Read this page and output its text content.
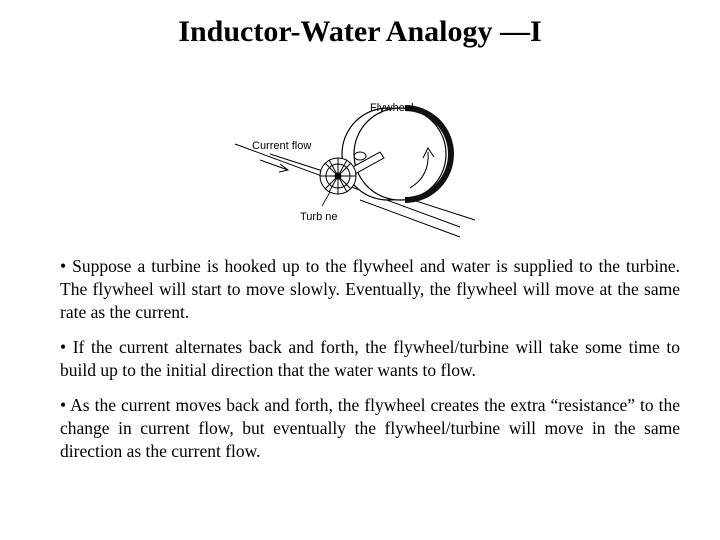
Inductor-Water Analogy —I
Flywheel
Current flow
Turb ne
• Suppose a turbine is hooked up to the flywheel and water is supplied to the turbine. The flywheel will start to move slowly. Eventually, the flywheel will move at the same rate as the current.
• If the current alternates back and forth, the flywheel/turbine will take some time to build up to the initial direction that the water wants to flow.
• As the current moves back and forth, the flywheel creates the extra “resistance” to the change in current flow, but eventually the flywheel/turbine will move in the same direction as the current flow.
